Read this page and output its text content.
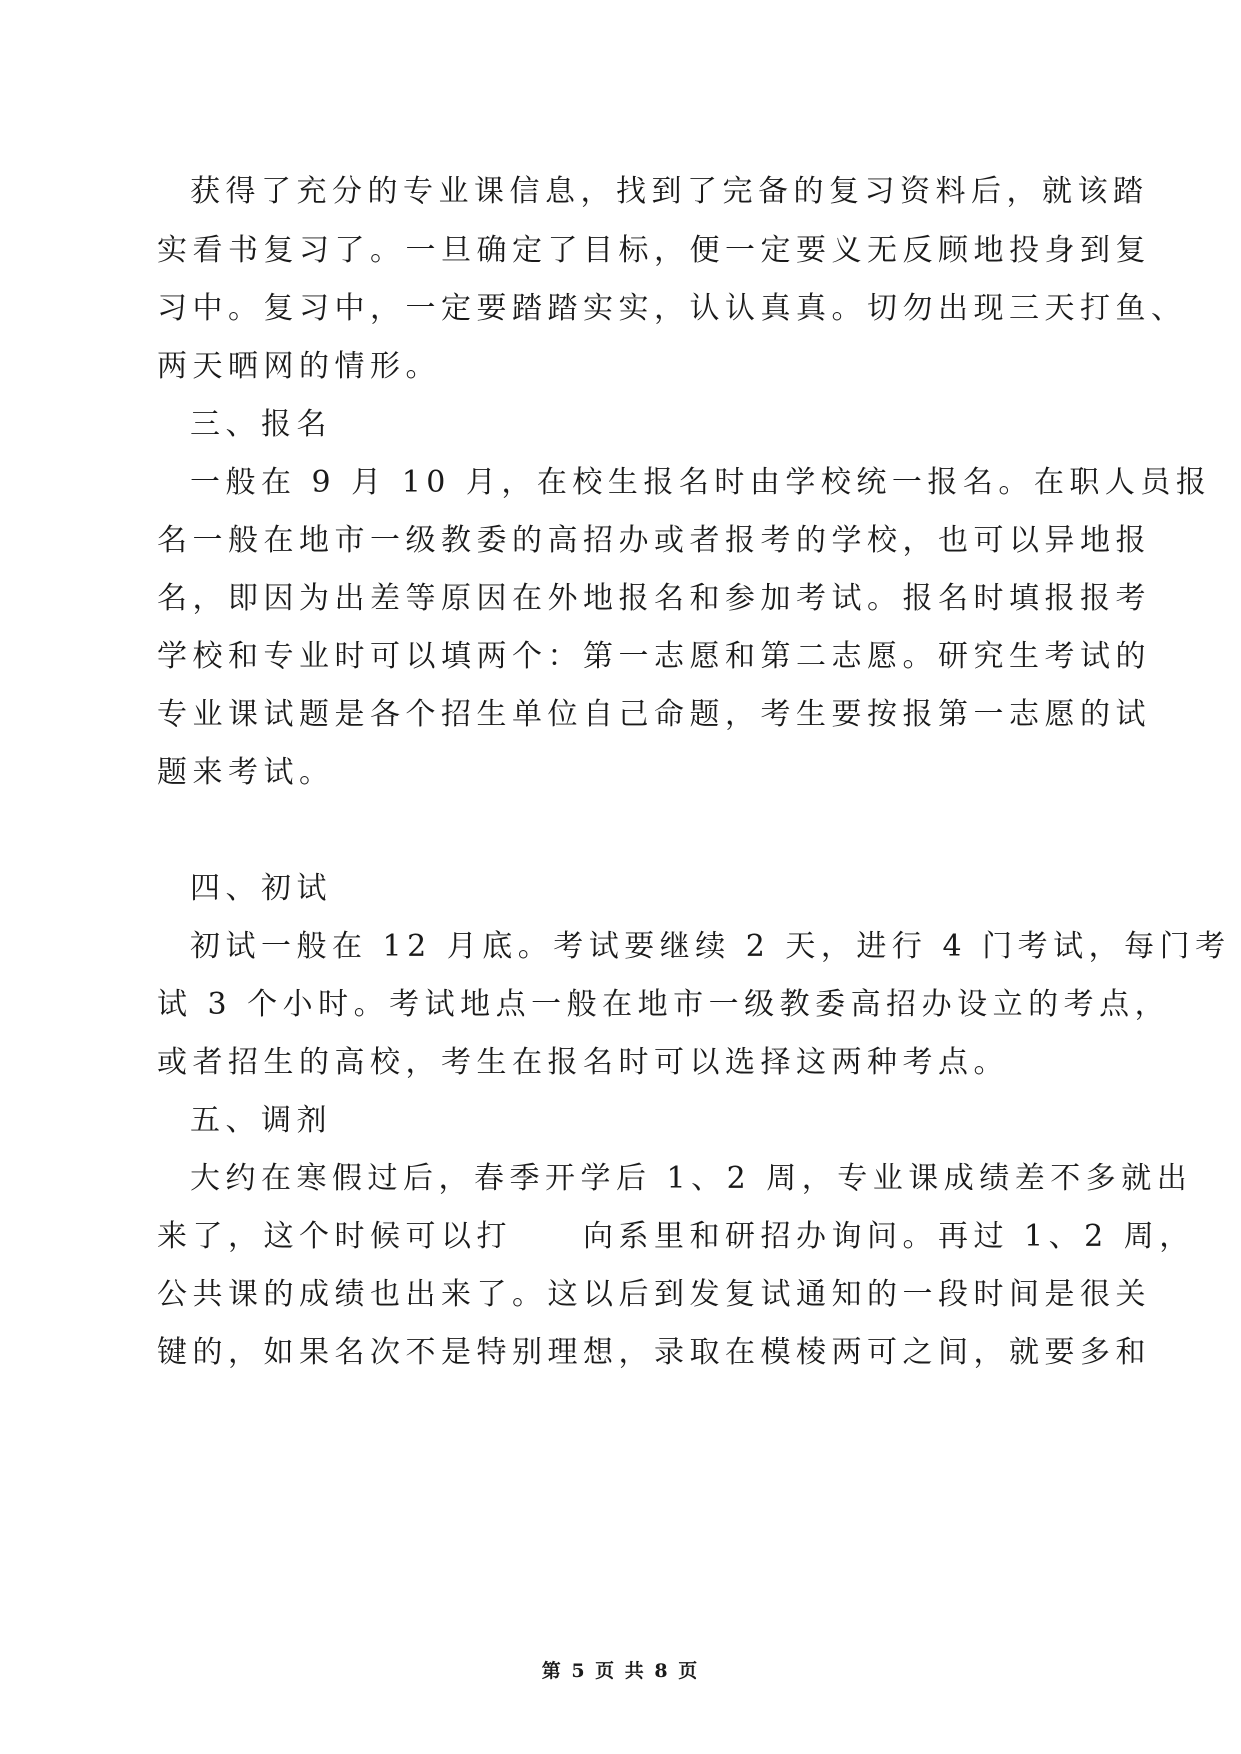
获得了充分的专业课信息，找到了完备的复习资料后，就该踏
实看书复习了。一旦确定了目标，便一定要义无反顾地投身到复
习中。复习中，一定要踏踏实实，认认真真。切勿出现三天打鱼、
两天晒网的情形。
三、报名
一般在 9 月 10 月，在校生报名时由学校统一报名。在职人员报
名一般在地市一级教委的高招办或者报考的学校，也可以异地报
名，即因为出差等原因在外地报名和参加考试。报名时填报报考
学校和专业时可以填两个：第一志愿和第二志愿。研究生考试的
专业课试题是各个招生单位自己命题，考生要按报第一志愿的试
题来考试。
四、初试
初试一般在 12 月底。考试要继续 2 天，进行 4 门考试，每门考
试 3 个小时。考试地点一般在地市一级教委高招办设立的考点，
或者招生的高校，考生在报名时可以选择这两种考点。
五、调剂
大约在寒假过后，春季开学后 1、2 周，专业课成绩差不多就出
来了，这个时候可以打　　向系里和研招办询问。再过 1、2 周，
公共课的成绩也出来了。这以后到发复试通知的一段时间是很关
键的，如果名次不是特别理想，录取在模棱两可之间，就要多和
第 5 页 共 8 页
